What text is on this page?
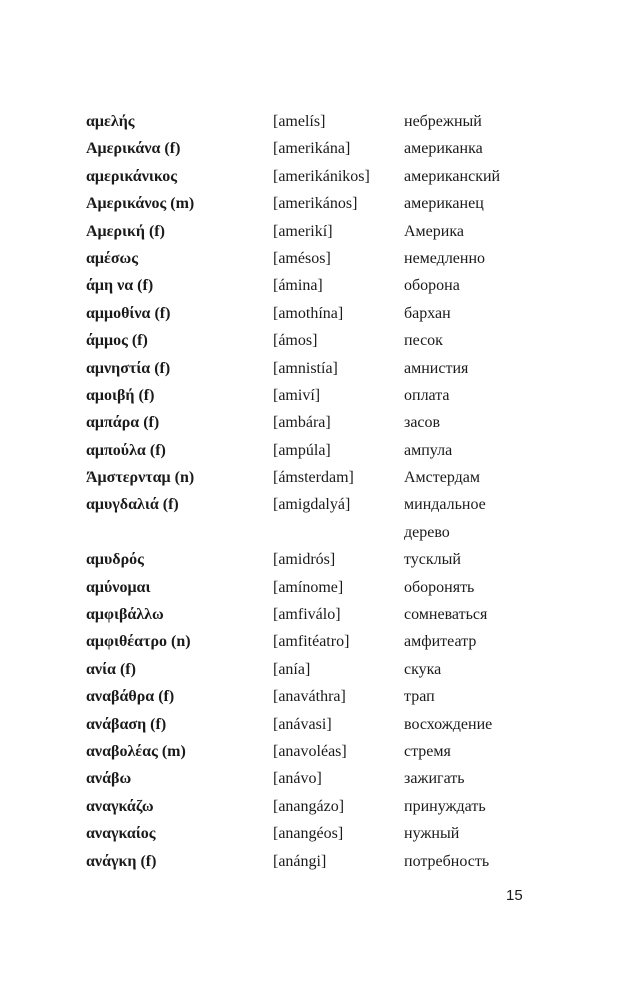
αμελής	[ amelís ]	небрежный
Αμερικάνα (f)	[ amerikána ]	американка
αμερικάνικος	[ amerikánikos ]	американский
Αμερικάνος (m)	[ amerikános ]	американец
Αμερική (f)	[ amerikí ]	Америка
αμέσως	[ amésos ]	немедленно
άμη να (f)	[ ámina ]	оборона
αμμοθίνα (f)	[ amothína ]	бархан
άμμος (f)	[ ámos ]	песок
αμνηστία (f)	[ amnistía ]	амнистия
αμοιβή (f)	[ amiví ]	оплата
αμπάρα (f)	[ ambára ]	засов
αμπούλα (f)	[ ampúla ]	ампула
Άμστερνταμ (n)	[ ámsterdam ]	Амстердам
αμυγδαλιά (f)	[ amigdalyá ]	миндальное дерево
αμυδρός	[ amidrós ]	тусклый
αμύνομαι	[ amínome ]	оборонять
αμφιβάλλω	[ amfiválo ]	сомневаться
αμφιθέατρο (n)	[ amfitéatro ]	амфитеатр
ανία (f)	[ anía ]	скука
αναβάθρα (f)	[ anaváthra ]	трап
ανάβαση (f)	[ anávasi ]	восхождение
αναβολέας (m)	[ anavoléas ]	стремя
ανάβω	[ anávo ]	зажигать
αναγκάζω	[ anangázo ]	принуждать
αναγκαίος	[ anangéos ]	нужный
ανάγκη (f)	[ anángi ]	потребность
15
